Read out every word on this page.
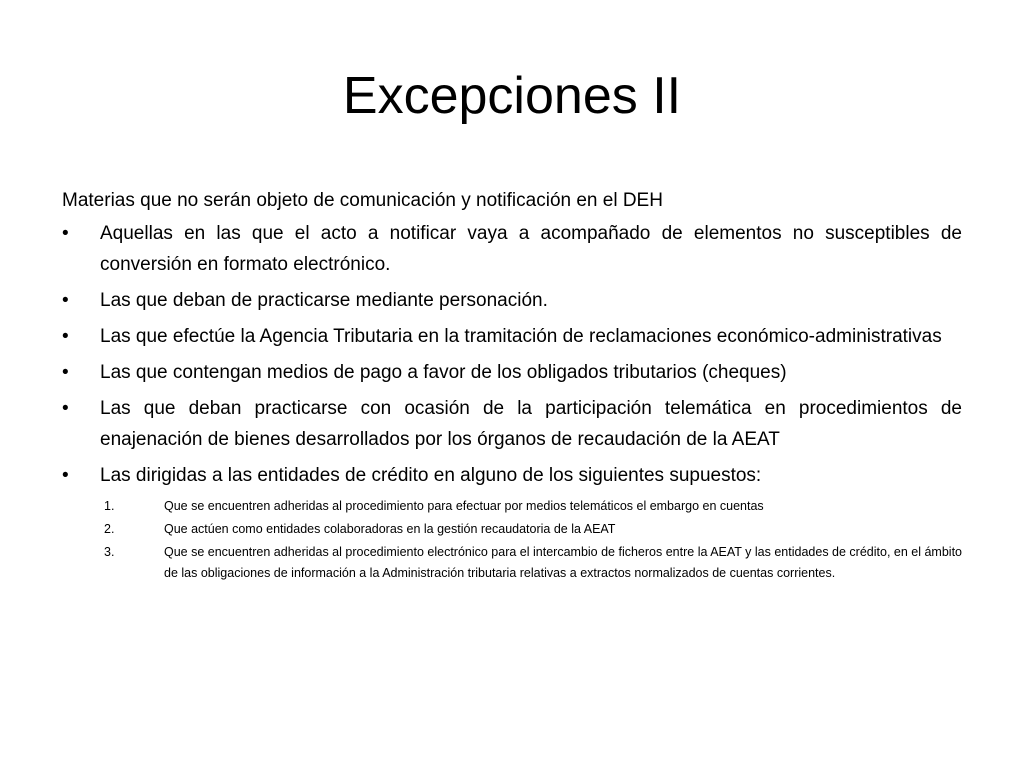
Excepciones II

Materias que no serán objeto de comunicación y notificación en el DEH

•	Aquellas en las que el acto a notificar vaya a acompañado de elementos no susceptibles de conversión en formato electrónico.
•	Las que deban de practicarse mediante personación.
•	Las que efectúe la Agencia Tributaria en la tramitación de reclamaciones económico-administrativas
•	Las que contengan medios de pago a favor de los obligados tributarios (cheques)
•	Las que deban practicarse con ocasión de la participación telemática en procedimientos de enajenación de bienes desarrollados por los órganos de recaudación de la AEAT
•	Las dirigidas a las entidades de crédito en alguno de los siguientes supuestos:
1.	Que se encuentren adheridas al procedimiento para efectuar por medios telemáticos el embargo en cuentas
2.	Que actúen como entidades colaboradoras en la gestión recaudatoria de la AEAT
3.	Que se encuentren adheridas al procedimiento electrónico para el intercambio de ficheros entre la AEAT y las entidades de crédito, en el ámbito de las obligaciones de información a la Administración tributaria relativas a extractos normalizados de cuentas corrientes.
